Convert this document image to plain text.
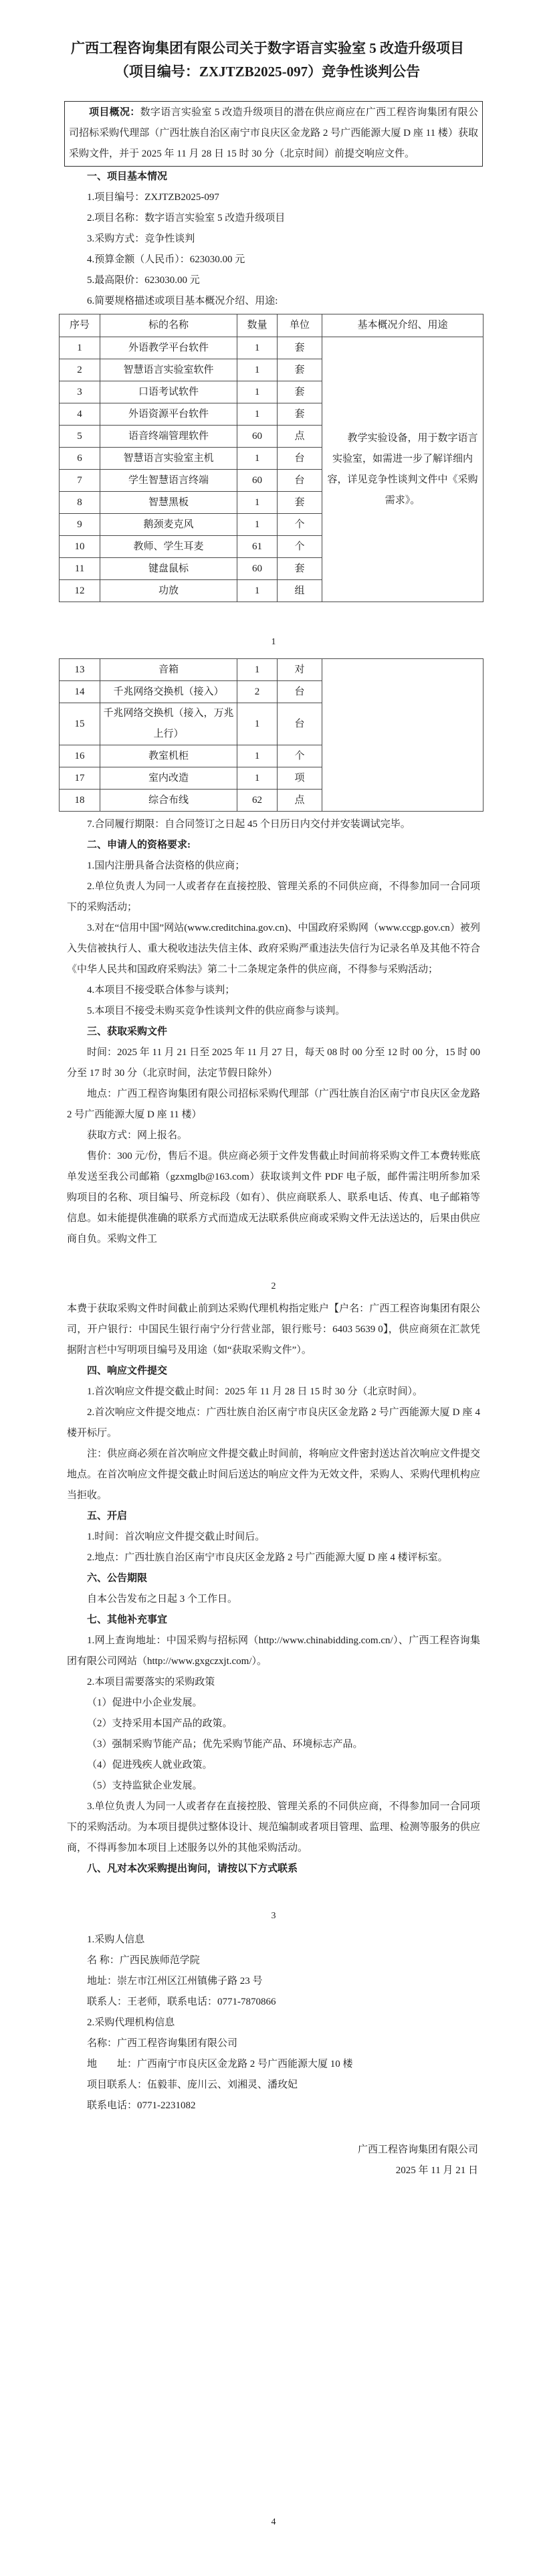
广西工程咨询集团有限公司关于数字语言实验室 5 改造升级项目
（项目编号：ZXJTZB2025-097）竞争性谈判公告

项目概况：数字语言实验室 5 改造升级项目的潜在供应商应在广西工程咨询集团有限公司招标采购代理部（广西壮族自治区南宁市良庆区金龙路 2 号广西能源大厦 D 座 11 楼）获取采购文件，并于 2025 年 11 月 28 日 15 时 30 分（北京时间）前提交响应文件。

一、项目基本情况

1.项目编号：ZXJTZB2025-097

2.项目名称：数字语言实验室 5 改造升级项目

3.采购方式：竞争性谈判

4.预算金额（人民币）：623030.00 元

5.最高限价：623030.00 元

6.简要规格描述或项目基本概况介绍、用途:

序号	标的名称	数量	单位	基本概况介绍、用途
1	外语教学平台软件	1	套	教学实验设备，用于数字语言实验室，如需进一步了解详细内容，详见竞争性谈判文件中《采购需求》。
2	智慧语言实验室软件	1	套	
3	口语考试软件	1	套	
4	外语资源平台软件	1	套	
5	语音终端管理软件	60	点	
6	智慧语言实验室主机	1	台	
7	学生智慧语言终端	60	台	
8	智慧黑板	1	套	
9	鹅颈麦克风	1	个	
10	教师、学生耳麦	61	个	
11	键盘鼠标	60	套	
12	功放	1	组	

1

13	音箱	1	对	
14	千兆网络交换机（接入）	2	台	
15	千兆网络交换机（接入，万兆上行）	1	台	
16	教室机柜	1	个	
17	室内改造	1	项	
18	综合布线	62	点	

7.合同履行期限：自合同签订之日起 45 个日历日内交付并安装调试完毕。

二、申请人的资格要求:

1.国内注册具备合法资格的供应商；

2.单位负责人为同一人或者存在直接控股、管理关系的不同供应商，不得参加同一合同项下的采购活动；

3.对在“信用中国”网站(www.creditchina.gov.cn)、中国政府采购网（www.ccgp.gov.cn）被列入失信被执行人、重大税收违法失信主体、政府采购严重违法失信行为记录名单及其他不符合《中华人民共和国政府采购法》第二十二条规定条件的供应商，不得参与采购活动；

4.本项目不接受联合体参与谈判；

5.本项目不接受未购买竞争性谈判文件的供应商参与谈判。

三、获取采购文件

时间：2025 年 11 月 21 日至 2025 年 11 月 27 日，每天 08 时 00 分至 12 时 00 分，15 时 00 分至 17 时 30 分（北京时间，法定节假日除外）

地点：广西工程咨询集团有限公司招标采购代理部（广西壮族自治区南宁市良庆区金龙路 2 号广西能源大厦 D 座 11 楼）

获取方式：网上报名。

售价：300 元/份，售后不退。供应商必须于文件发售截止时间前将采购文件工本费转账底单发送至我公司邮箱（gzxmglb@163.com）获取谈判文件 PDF 电子版，邮件需注明所参加采购项目的名称、项目编号、所竞标段（如有）、供应商联系人、联系电话、传真、电子邮箱等信息。如未能提供准确的联系方式而造成无法联系供应商或采购文件无法送达的，后果由供应商自负。采购文件工

2

本费于获取采购文件时间截止前到达采购代理机构指定账户【户名：广西工程咨询集团有限公司，开户银行：中国民生银行南宁分行营业部，银行账号：6403 5639 0】，供应商须在汇款凭据附言栏中写明项目编号及用途（如“获取采购文件”）。

四、响应文件提交

1.首次响应文件提交截止时间：2025 年 11 月 28 日 15 时 30 分（北京时间）。

2.首次响应文件提交地点：广西壮族自治区南宁市良庆区金龙路 2 号广西能源大厦 D 座 4 楼开标厅。

注：供应商必须在首次响应文件提交截止时间前，将响应文件密封送达首次响应文件提交地点。在首次响应文件提交截止时间后送达的响应文件为无效文件，采购人、采购代理机构应当拒收。

五、开启

1.时间：首次响应文件提交截止时间后。

2.地点：广西壮族自治区南宁市良庆区金龙路 2 号广西能源大厦 D 座 4 楼评标室。

六、公告期限

自本公告发布之日起 3 个工作日。

七、其他补充事宜

1.网上查询地址：中国采购与招标网（http://www.chinabidding.com.cn/）、广西工程咨询集团有限公司网站（http://www.gxgczxjt.com/）。

2.本项目需要落实的采购政策

（1）促进中小企业发展。

（2）支持采用本国产品的政策。

（3）强制采购节能产品；优先采购节能产品、环境标志产品。

（4）促进残疾人就业政策。

（5）支持监狱企业发展。

3.单位负责人为同一人或者存在直接控股、管理关系的不同供应商，不得参加同一合同项下的采购活动。为本项目提供过整体设计、规范编制或者项目管理、监理、检测等服务的供应商，不得再参加本项目上述服务以外的其他采购活动。

八、凡对本次采购提出询问，请按以下方式联系

3

1.采购人信息

名 称：广西民族师范学院

地址：崇左市江州区江州镇佛子路 23 号

联系人：王老师，联系电话：0771-7870866

2.采购代理机构信息

名称：广西工程咨询集团有限公司

地　　址：广西南宁市良庆区金龙路 2 号广西能源大厦 10 楼

项目联系人：伍毅菲、庞川云、刘湘灵、潘玫妃

联系电话：0771-2231082

广西工程咨询集团有限公司

2025 年 11 月 21 日

4
